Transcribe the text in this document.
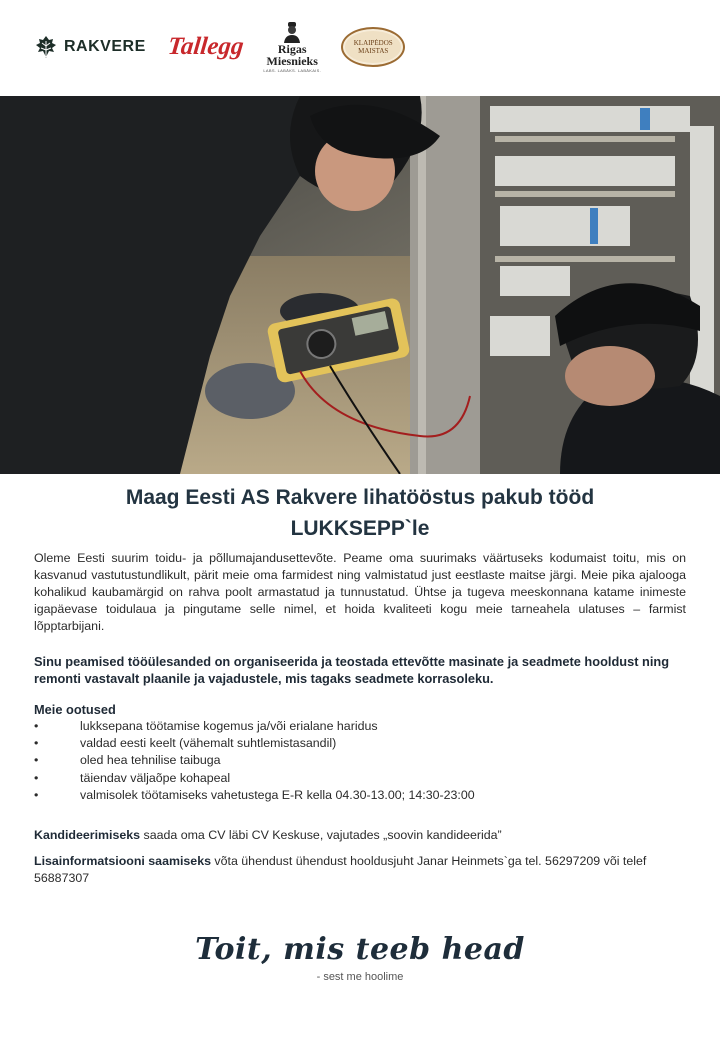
RAKVERE Tallegg	Rigas
Miesnieks
LABS. LABĀKS. LABĀKAIS.
KLAIPĖDOS
MAISTAS
Maag Eesti AS Rakvere lihatööstus pakub tööd
LUKKSEPP`le

Oleme Eesti suurim toidu- ja põllumajandusettevõte. Peame oma suurimaks väärtuseks kodumaist toitu, mis on kasvanud vastutustundlikult, pärit meie oma farmidest ning valmistatud just eestlaste maitse järgi. Meie pika ajalooga kohalikud kaubamärgid on rahva poolt armastatud ja tunnustatud. Ühtse ja tugeva meeskonnana katame inimeste igapäevase toidulaua ja pingutame selle nimel, et hoida kvaliteeti kogu meie tarneahela ulatuses – farmist lõpptarbijani.

Sinu peamised tööülesanded on organiseerida ja teostada ettevõtte masinate ja seadmete hooldust ning remonti vastavalt plaanile ja vajadustele, mis tagaks seadmete korrasoleku.

Meie ootused
•	lukksepana töötamise kogemus ja/või erialane haridus
•	valdad eesti keelt (vähemalt suhtlemistasandil)
•	oled hea tehnilise taibuga
•	täiendav väljaõpe kohapeal
•	valmisolek töötamiseks vahetustega E-R kella 04.30-13.00; 14:30-23:00

Kandideerimiseks saada oma CV läbi CV Keskuse, vajutades „soovin kandideerida”

Lisainformatsiooni saamiseks võta ühendust ühendust hooldusjuht Janar Heinmets`ga tel. 56297209 või telef 56887307

Toit, mis teeb head
- sest me hoolime
